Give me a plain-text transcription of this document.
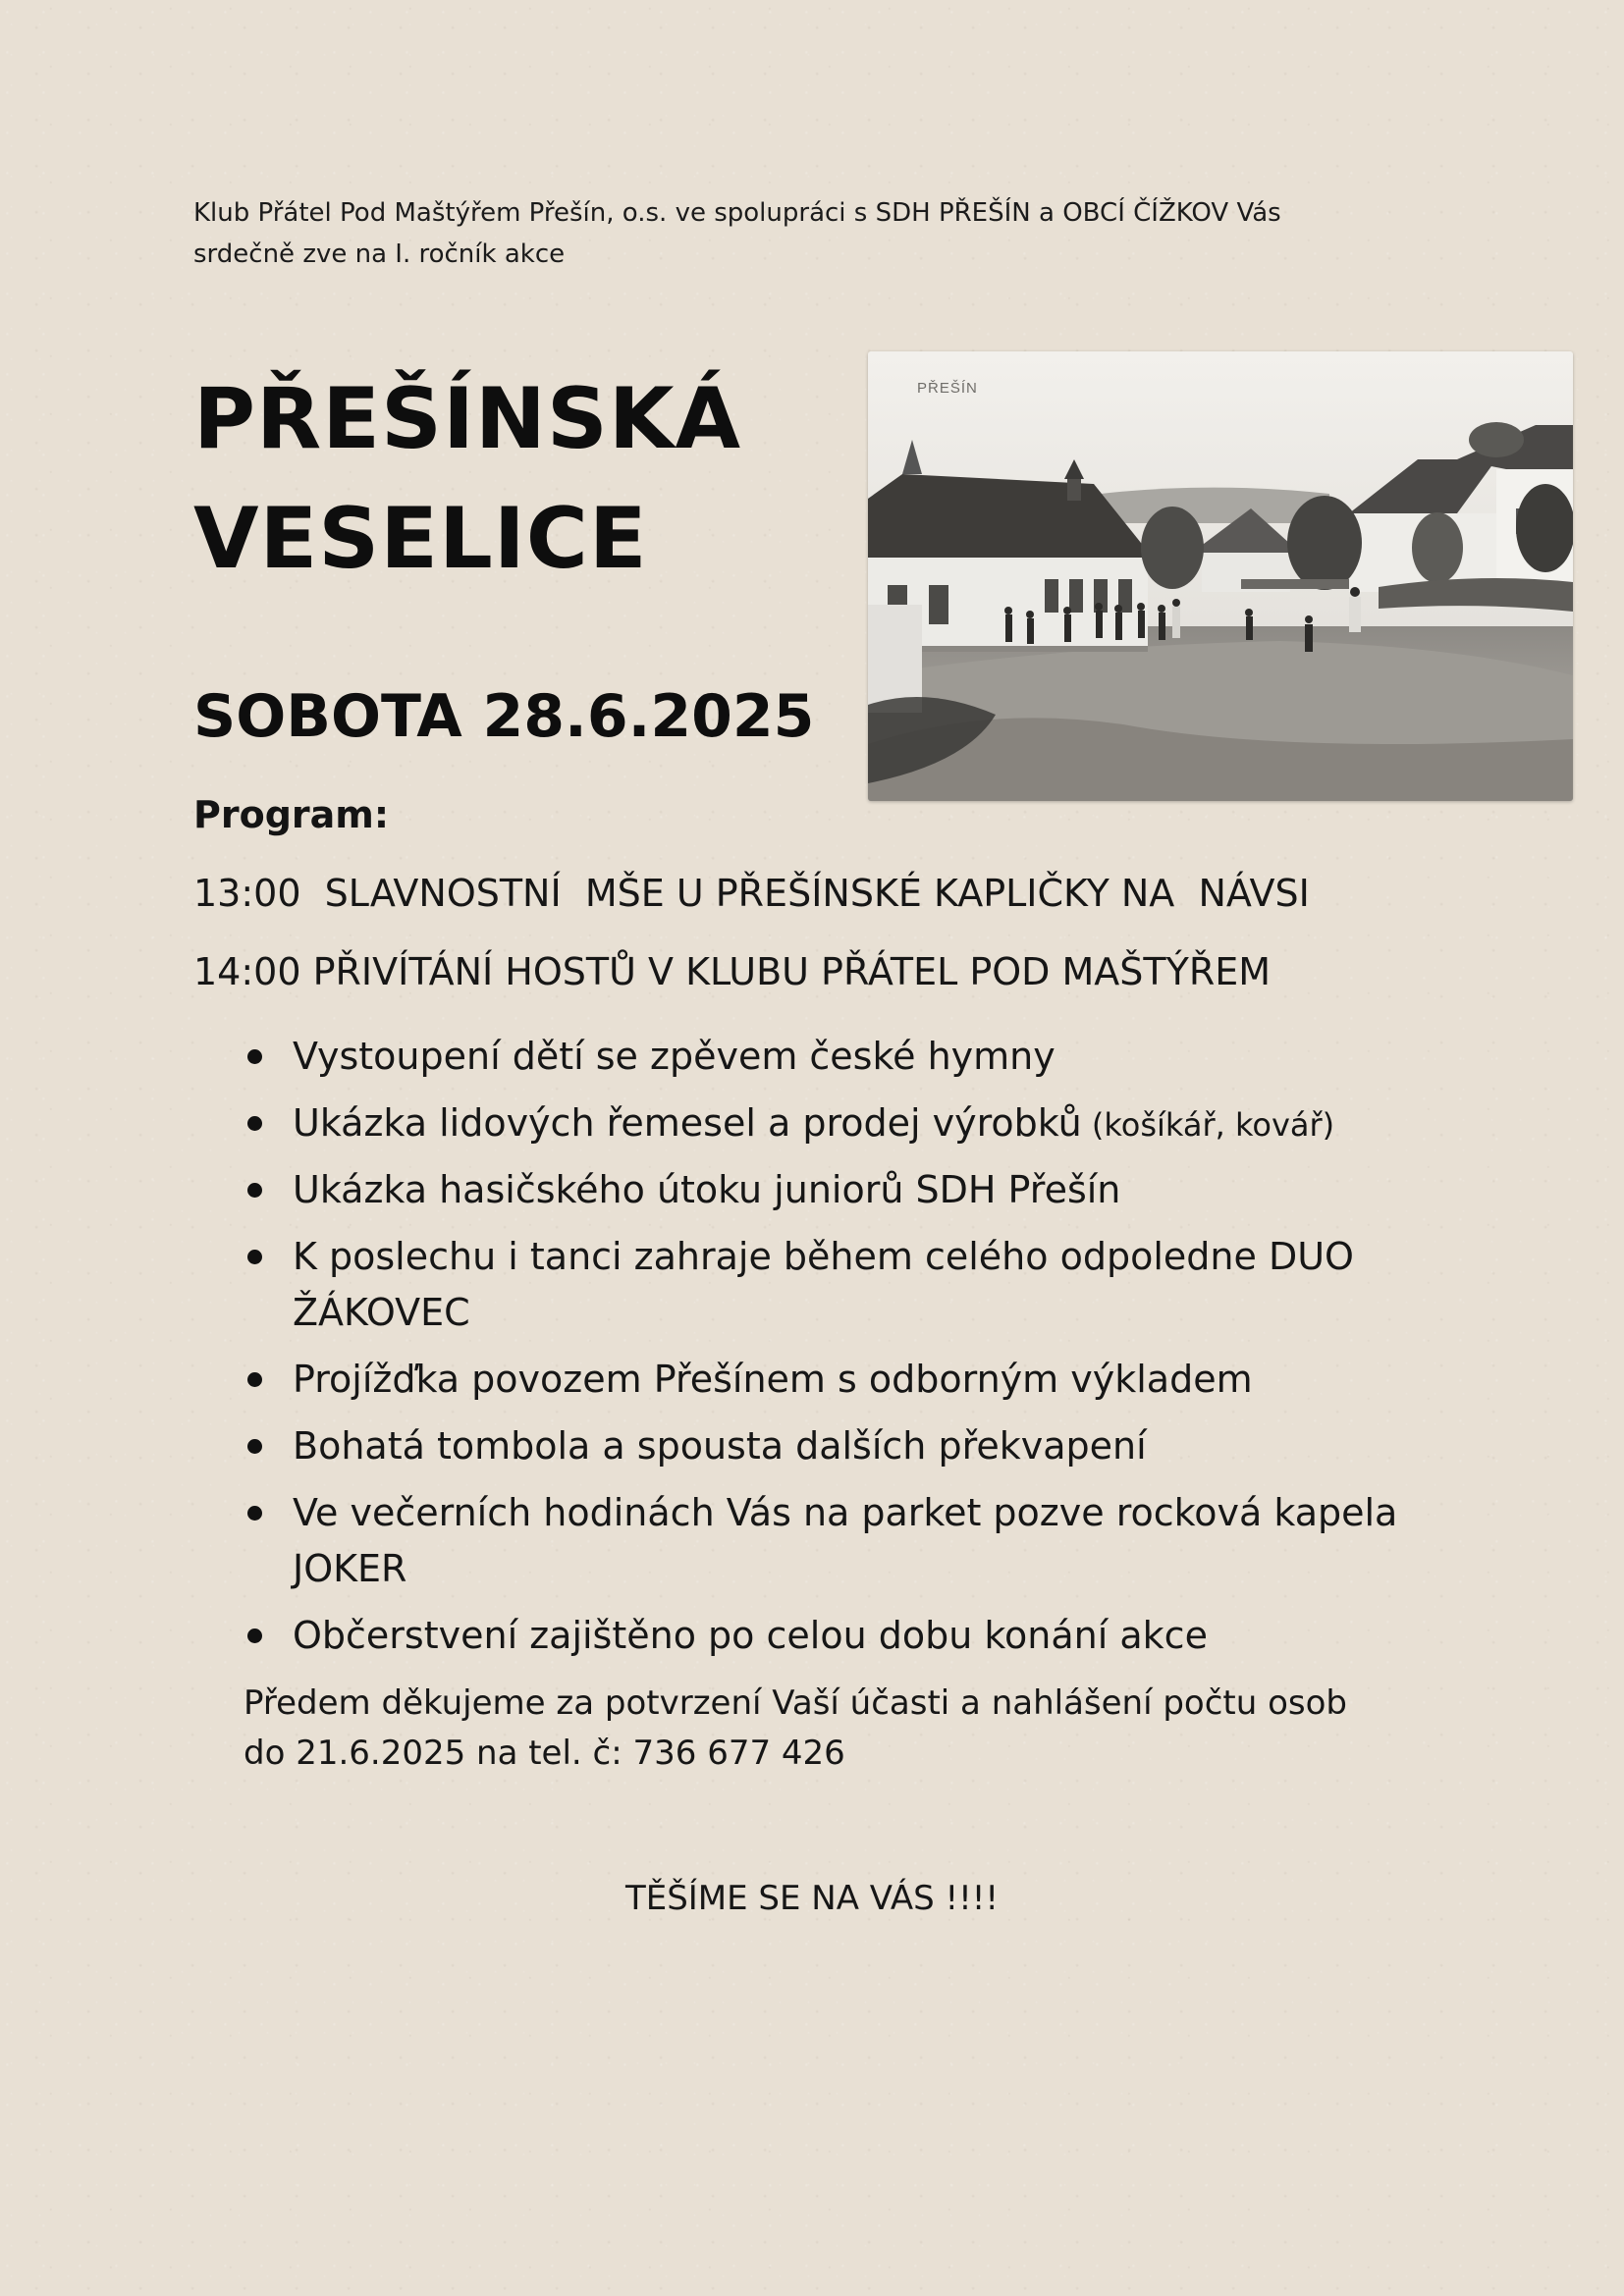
Klub Přátel Pod Maštýřem Přešín, o.s. ve spolupráci s SDH PŘEŠÍN a OBCÍ ČÍŽKOV Vás
srdečně zve na I. ročník akce
PŘEŠÍNSKÁ
VESELICE
SOBOTA 28.6.2025
PŘEŠÍN
Program:
13:00  SLAVNOSTNÍ  MŠE U PŘEŠÍNSKÉ KAPLIČKY NA  NÁVSI
14:00 PŘIVÍTÁNÍ HOSTŮ V KLUBU PŘÁTEL POD MAŠTÝŘEM
Vystoupení dětí se zpěvem české hymny
Ukázka lidových řemesel a prodej výrobků (košíkář, kovář)
Ukázka hasičského útoku juniorů SDH Přešín
K poslechu i tanci zahraje během celého odpoledne DUO ŽÁKOVEC
Projížďka povozem Přešínem s odborným výkladem
Bohatá tombola a spousta dalších překvapení
Ve večerních hodinách Vás na parket pozve rocková kapela JOKER
Občerstvení zajištěno po celou dobu konání akce
Předem děkujeme za potvrzení Vaší účasti a nahlášení počtu osob
do 21.6.2025 na tel. č: 736 677 426
TĚŠÍME SE NA VÁS !!!!
